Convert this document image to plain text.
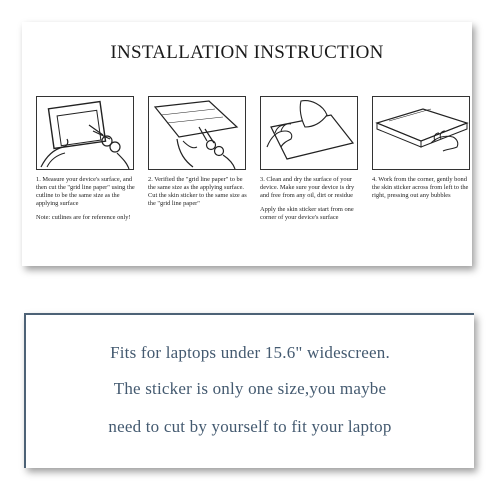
INSTALLATION INSTRUCTION

1. Measure your device's surface, and then cut the "grid line paper" using the cutline to be the same size as the applying surface

Note: cutlines are for reference only!

2. Verified the "grid line paper" to be the same size as the applying surface. Cut the skin sticker to the same size as the "grid line paper"

3. Clean and dry the surface of your device. Make sure your device is dry and free from any oil, dirt or residue

Apply the skin sticker start from one corner of your device's surface

4. Work from the corner, gently bond the skin sticker across from left to the right, pressing out any bubbles

Fits for laptops under 15.6" widescreen.
The sticker is only one size,you maybe
need to cut by yourself to fit your laptop
